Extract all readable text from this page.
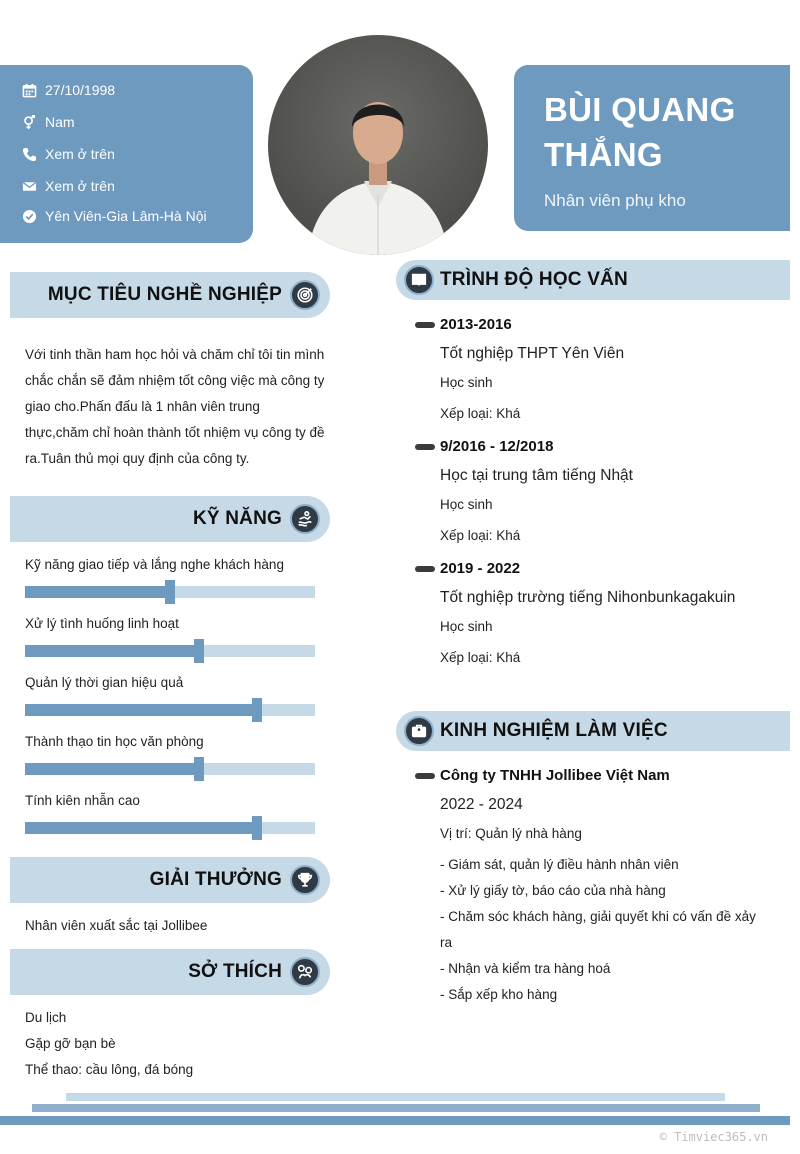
27/10/1998
Nam
Xem ở trên
Xem ở trên
Yên Viên-Gia Lâm-Hà Nội
BÙI QUANG
THẮNG
Nhân viên phụ kho
MỤC TIÊU NGHỀ NGHIỆP
Với tinh thần ham học hỏi và chăm chỉ tôi tin mình chắc chắn sẽ đảm nhiệm tốt công việc mà công ty giao cho.Phấn đấu là 1 nhân viên trung thực,chăm chỉ hoàn thành tốt nhiệm vụ công ty đề ra.Tuân thủ mọi quy định của công ty.
KỸ NĂNG
Kỹ năng giao tiếp và lắng nghe khách hàng
Xử lý tình huống linh hoạt
Quản lý thời gian hiệu quả
Thành thạo tin học văn phòng
Tính kiên nhẫn cao
GIẢI THƯỞNG
Nhân viên xuất sắc tại Jollibee
SỞ THÍCH
Du lịch
Gặp gỡ bạn bè
Thể thao: cầu lông, đá bóng
TRÌNH ĐỘ HỌC VẤN
2013-2016
Tốt nghiệp THPT Yên Viên
Học sinh
Xếp loại: Khá
9/2016 - 12/2018
Học tại trung tâm tiếng Nhật
Học sinh
Xếp loại: Khá
2019 - 2022
Tốt nghiệp trường tiếng Nihonbunkagakuin
Học sinh
Xếp loại: Khá
KINH NGHIỆM LÀM VIỆC
Công ty TNHH Jollibee Việt Nam
2022 - 2024
Vị trí: Quản lý nhà hàng
- Giám sát, quản lý điều hành nhân viên
- Xử lý giấy tờ, báo cáo của nhà hàng
- Chăm sóc khách hàng, giải quyết khi có vấn đề xảy
ra
- Nhận và kiểm tra hàng hoá
- Sắp xếp kho hàng
© Timviec365.vn
